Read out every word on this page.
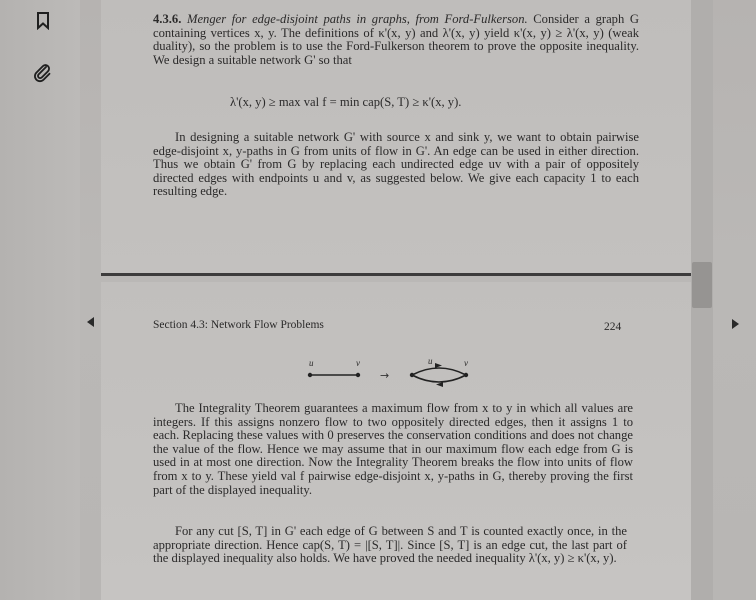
4.3.6. Menger for edge-disjoint paths in graphs, from Ford-Fulkerson. Consider a graph G containing vertices x, y. The definitions of κ'(x, y) and λ'(x, y) yield κ'(x, y) ≥ λ'(x, y) (weak duality), so the problem is to use the Ford-Fulkerson theorem to prove the opposite inequality. We design a suitable network G' so that
λ'(x, y) ≥ max val f = min cap(S, T) ≥ κ'(x, y).
In designing a suitable network G' with source x and sink y, we want to obtain pairwise edge-disjoint x, y-paths in G from units of flow in G'. An edge can be used in either direction. Thus we obtain G' from G by replacing each undirected edge uv with a pair of oppositely directed edges with endpoints u and v, as suggested below. We give each capacity 1 to each resulting edge.
Section 4.3: Network Flow Problems	224
u	v
→
u	v
The Integrality Theorem guarantees a maximum flow from x to y in which all values are integers. If this assigns nonzero flow to two oppositely directed edges, then it assigns 1 to each. Replacing these values with 0 preserves the conservation conditions and does not change the value of the flow. Hence we may assume that in our maximum flow each edge from G is used in at most one direction. Now the Integrality Theorem breaks the flow into units of flow from x to y. These yield val f pairwise edge-disjoint x, y-paths in G, thereby proving the first part of the displayed inequality.
For any cut [S, T] in G' each edge of G between S and T is counted exactly once, in the appropriate direction. Hence cap(S, T) = |[S, T]|. Since [S, T] is an edge cut, the last part of the displayed inequality also holds. We have proved the needed inequality λ'(x, y) ≥ κ'(x, y).
